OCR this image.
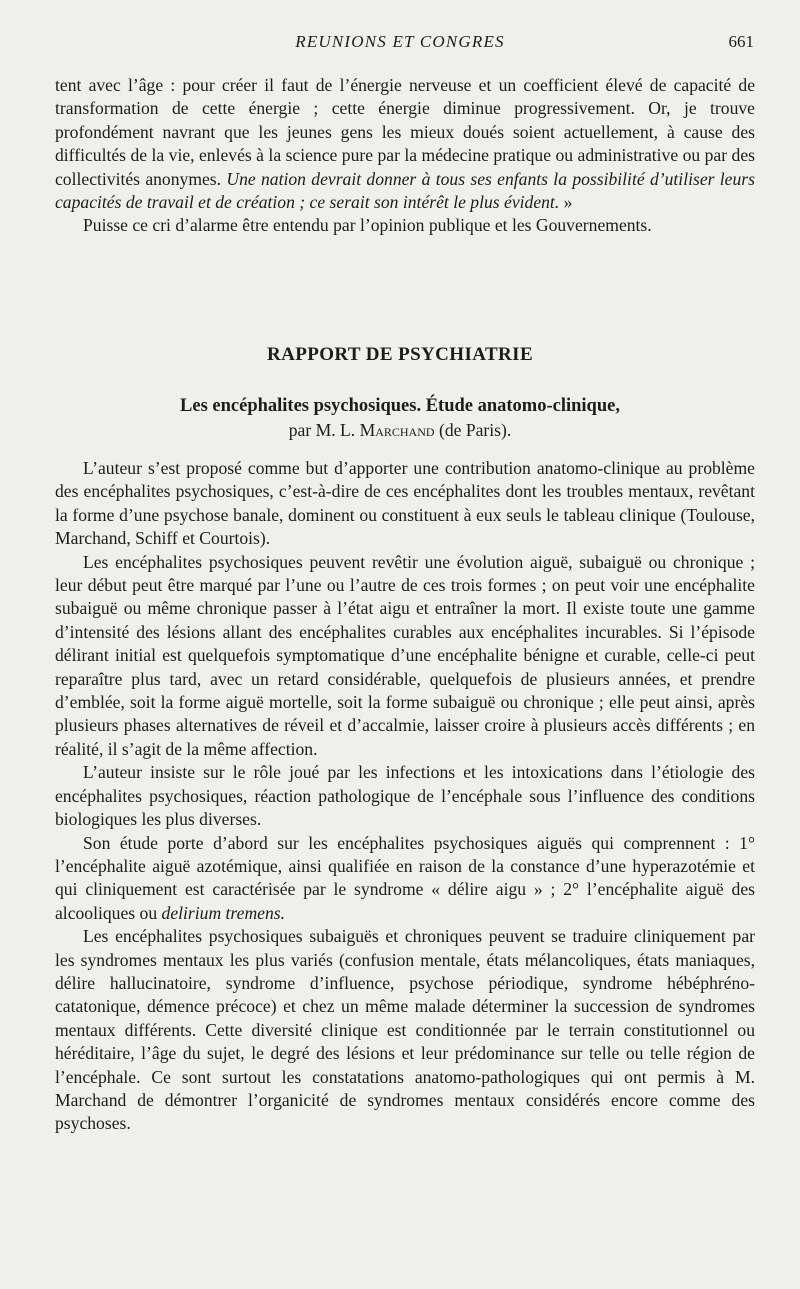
REUNIONS ET CONGRES	661

tent avec l’âge : pour créer il faut de l’énergie nerveuse et un coefficient élevé de capacité de transformation de cette énergie ; cette énergie diminue progressivement. Or, je trouve profondément navrant que les jeunes gens les mieux doués soient actuellement, à cause des difficultés de la vie, enlevés à la science pure par la médecine pratique ou administrative ou par des collectivités anonymes. Une nation devrait donner à tous ses enfants la possibilité d’utiliser leurs capacités de travail et de création ; ce serait son intérêt le plus évident. »

Puisse ce cri d’alarme être entendu par l’opinion publique et les Gouvernements.

RAPPORT DE PSYCHIATRIE
Les encéphalites psychosiques. Étude anatomo-clinique,
par M. L. Marchand (de Paris).

L’auteur s’est proposé comme but d’apporter une contribution anatomo-clinique au problème des encéphalites psychosiques, c’est-à-dire de ces encéphalites dont les troubles mentaux, revêtant la forme d’une psychose banale, dominent ou constituent à eux seuls le tableau clinique (Toulouse, Marchand, Schiff et Courtois).

Les encéphalites psychosiques peuvent revêtir une évolution aiguë, subaiguë ou chronique ; leur début peut être marqué par l’une ou l’autre de ces trois formes ; on peut voir une encéphalite subaiguë ou même chronique passer à l’état aigu et entraîner la mort. Il existe toute une gamme d’intensité des lésions allant des encéphalites curables aux encéphalites incurables. Si l’épisode délirant initial est quelquefois symptomatique d’une encéphalite bénigne et curable, celle-ci peut reparaître plus tard, avec un retard considérable, quelquefois de plusieurs années, et prendre d’emblée, soit la forme aiguë mortelle, soit la forme subaiguë ou chronique ; elle peut ainsi, après plusieurs phases alternatives de réveil et d’accalmie, laisser croire à plusieurs accès différents ; en réalité, il s’agit de la même affection.

L’auteur insiste sur le rôle joué par les infections et les intoxications dans l’étiologie des encéphalites psychosiques, réaction pathologique de l’encéphale sous l’influence des conditions biologiques les plus diverses.

Son étude porte d’abord sur les encéphalites psychosiques aiguës qui comprennent : 1° l’encéphalite aiguë azotémique, ainsi qualifiée en raison de la constance d’une hyperazotémie et qui cliniquement est caractérisée par le syndrome « délire aigu » ; 2° l’encéphalite aiguë des alcooliques ou delirium tremens.

Les encéphalites psychosiques subaiguës et chroniques peuvent se traduire cliniquement par les syndromes mentaux les plus variés (confusion mentale, états mélancoliques, états maniaques, délire hallucinatoire, syndrome d’influence, psychose périodique, syndrome hébéphréno-catatonique, démence précoce) et chez un même malade déterminer la succession de syndromes mentaux différents. Cette diversité clinique est conditionnée par le terrain constitutionnel ou héréditaire, l’âge du sujet, le degré des lésions et leur prédominance sur telle ou telle région de l’encéphale. Ce sont surtout les constatations anatomo-pathologiques qui ont permis à M. Marchand de démontrer l’organicité de syndromes mentaux considérés encore comme des psychoses.
